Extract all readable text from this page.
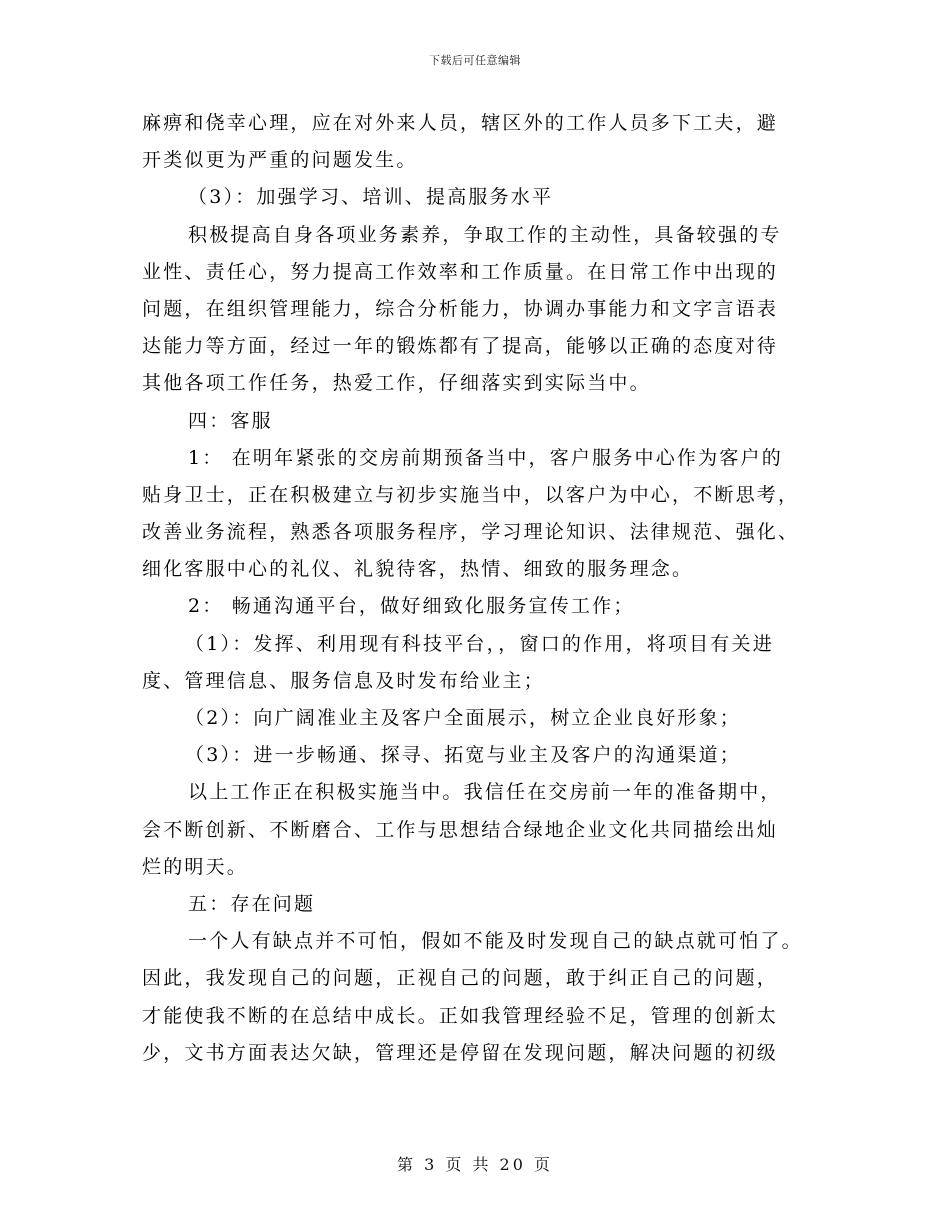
下载后可任意编辑
麻痹和侥幸心理，应在对外来人员，辖区外的工作人员多下工夫，避
开类似更为严重的问题发生。
（3）：加强学习、培训、提高服务水平
积极提高自身各项业务素养，争取工作的主动性，具备较强的专
业性、责任心，努力提高工作效率和工作质量。在日常工作中出现的
问题，在组织管理能力，综合分析能力，协调办事能力和文字言语表
达能力等方面，经过一年的锻炼都有了提高，能够以正确的态度对待
其他各项工作任务，热爱工作，仔细落实到实际当中。
四：客服
1： 在明年紧张的交房前期预备当中，客户服务中心作为客户的
贴身卫士，正在积极建立与初步实施当中，以客户为中心，不断思考，
改善业务流程，熟悉各项服务程序，学习理论知识、法律规范、强化、
细化客服中心的礼仪、礼貌待客，热情、细致的服务理念。
2： 畅通沟通平台，做好细致化服务宣传工作；
（1）：发挥、利用现有科技平台，，窗口的作用，将项目有关进
度、管理信息、服务信息及时发布给业主；
（2）：向广阔准业主及客户全面展示，树立企业良好形象；
（3）：进一步畅通、探寻、拓宽与业主及客户的沟通渠道；
以上工作正在积极实施当中。我信任在交房前一年的准备期中，
会不断创新、不断磨合、工作与思想结合绿地企业文化共同描绘出灿
烂的明天。
五：存在问题
一个人有缺点并不可怕，假如不能及时发现自己的缺点就可怕了。
因此，我发现自己的问题，正视自己的问题，敢于纠正自己的问题，
才能使我不断的在总结中成长。正如我管理经验不足，管理的创新太
少，文书方面表达欠缺，管理还是停留在发现问题，解决问题的初级
第 3 页 共 20 页
